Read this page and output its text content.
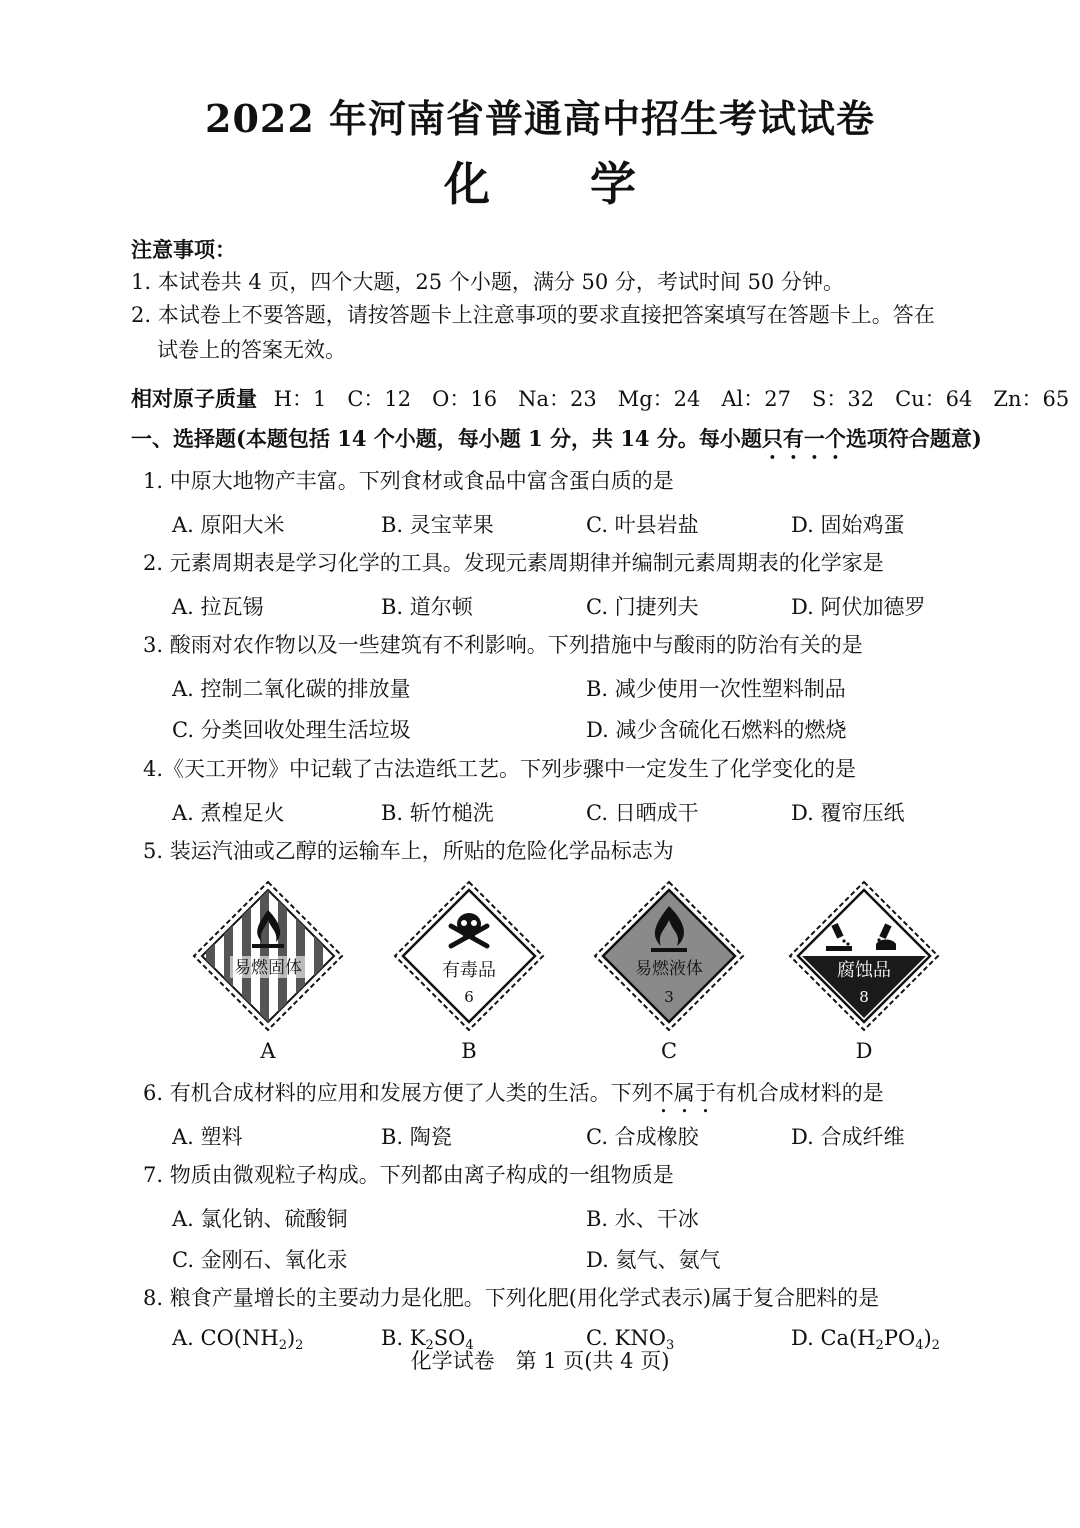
2022 年河南省普通高中招生考试试卷
化学
注意事项：
1. 本试卷共 4 页，四个大题，25 个小题，满分 50 分，考试时间 50 分钟。
2. 本试卷上不要答题，请按答题卡上注意事项的要求直接把答案填写在答题卡上。答在
试卷上的答案无效。
相对原子质量 H：1　C：12　O：16　Na：23　Mg：24　Al：27　S：32　Cu：64　Zn：65
一、选择题(本题包括 14 个小题，每小题 1 分，共 14 分。每小题只有一个选项符合题意)
1. 中原大地物产丰富。下列食材或食品中富含蛋白质的是
A. 原阳大米	B. 灵宝苹果	C. 叶县岩盐	D. 固始鸡蛋
2. 元素周期表是学习化学的工具。发现元素周期律并编制元素周期表的化学家是
A. 拉瓦锡	B. 道尔顿	C. 门捷列夫	D. 阿伏加德罗
3. 酸雨对农作物以及一些建筑有不利影响。下列措施中与酸雨的防治有关的是
A. 控制二氧化碳的排放量	B. 减少使用一次性塑料制品
C. 分类回收处理生活垃圾	D. 减少含硫化石燃料的燃烧
4.《天工开物》中记载了古法造纸工艺。下列步骤中一定发生了化学变化的是
A. 煮楻足火	B. 斩竹槌洗	C. 日晒成干	D. 覆帘压纸
5. 装运汽油或乙醇的运输车上，所贴的危险化学品标志为
易燃固体
A
有毒品
6
B
易燃液体
3
C
腐蚀品
8
D
6. 有机合成材料的应用和发展方便了人类的生活。下列不属于有机合成材料的是
A. 塑料	B. 陶瓷	C. 合成橡胶	D. 合成纤维
7. 物质由微观粒子构成。下列都由离子构成的一组物质是
A. 氯化钠、硫酸铜	B. 水、干冰
C. 金刚石、氧化汞	D. 氦气、氨气
8. 粮食产量增长的主要动力是化肥。下列化肥(用化学式表示)属于复合肥料的是
A. $CO(NH_2)_2$	B. $K_2SO_4$	C. $KNO_3$	D. $Ca(H_2PO_4)_2$
化学试卷　第 1 页(共 4 页)
